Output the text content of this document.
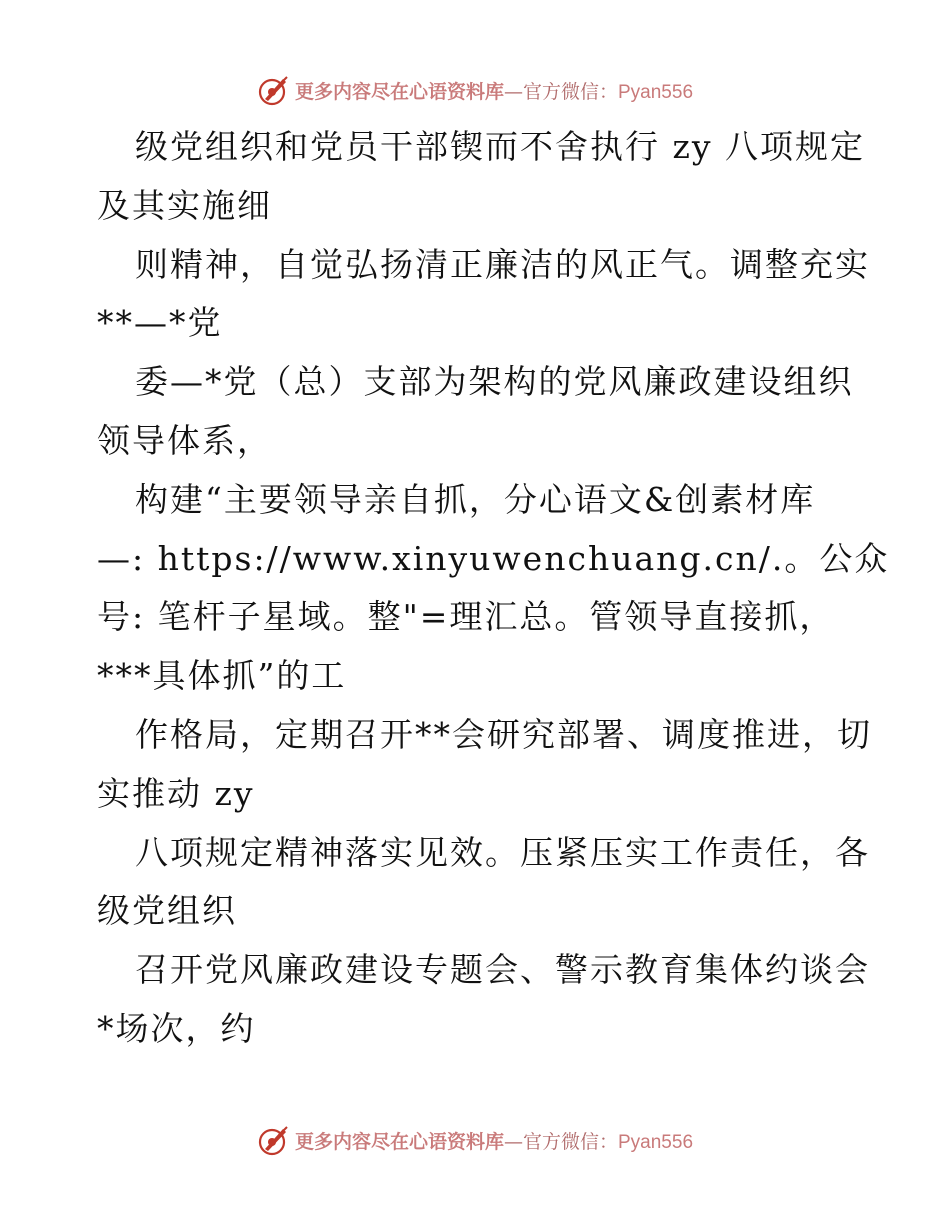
更多内容尽在心语资料库—官方微信：Pyan556
级党组织和党员干部锲而不舍执行 zy 八项规定
及其实施细
则精神，自觉弘扬清正廉洁的风正气。调整充实
**—*党
委—*党（总）支部为架构的党风廉政建设组织
领导体系，
构建“主要领导亲自抓，分心语文&创素材库
—: https://www.xinyuwenchuang.cn/.。公众
号: 笔杆子星域。整"=理汇总。管领导直接抓，
***具体抓”的工
作格局，定期召开**会研究部署、调度推进，切
实推动 zy
八项规定精神落实见效。压紧压实工作责任，各
级党组织
召开党风廉政建设专题会、警示教育集体约谈会
*场次，约
更多内容尽在心语资料库—官方微信：Pyan556
